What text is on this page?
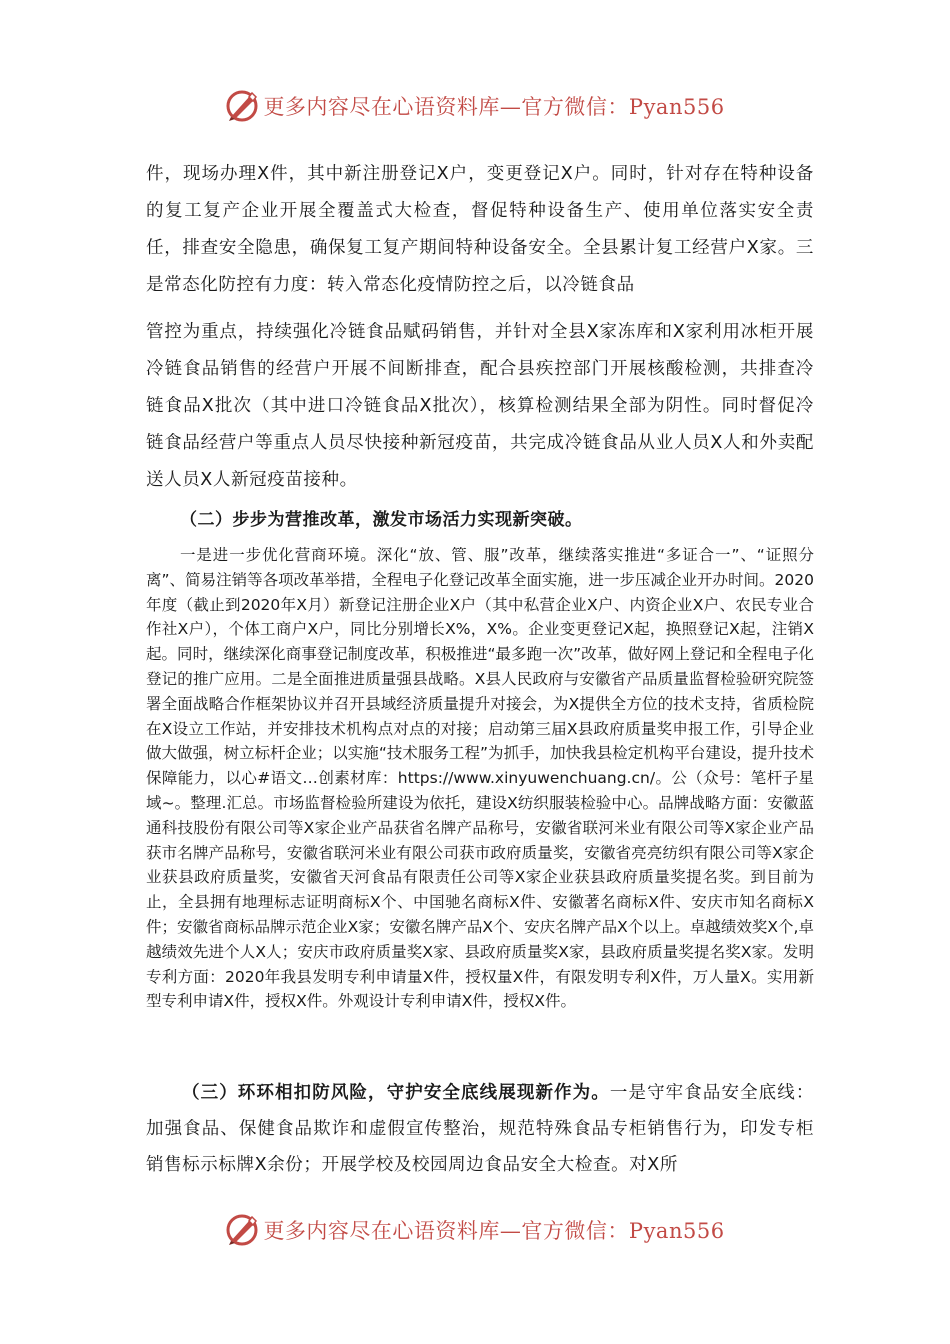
更多内容尽在心语资料库—官方微信：Pyan556

件，现场办理X件，其中新注册登记X户，变更登记X户。同时，针对存在特种设备的复工复产企业开展全覆盖式大检查，督促特种设备生产、使用单位落实安全责任，排查安全隐患，确保复工复产期间特种设备安全。全县累计复工经营户X家。三是常态化防控有力度：转入常态化疫情防控之后，以冷链食品
管控为重点，持续强化冷链食品赋码销售，并针对全县X家冻库和X家利用冰柜开展冷链食品销售的经营户开展不间断排查，配合县疾控部门开展核酸检测，共排查冷链食品X批次（其中进口冷链食品X批次），核算检测结果全部为阴性。同时督促冷链食品经营户等重点人员尽快接种新冠疫苗，共完成冷链食品从业人员X人和外卖配送人员X人新冠疫苗接种。

（二）步步为营推改革，激发市场活力实现新突破。

一是进一步优化营商环境。深化“放、管、服”改革，继续落实推进“多证合一”、“证照分离”、简易注销等各项改革举措，全程电子化登记改革全面实施，进一步压减企业开办时间。2020年度（截止到2020年X月）新登记注册企业X户（其中私营企业X户、内资企业X户、农民专业合作社X户），个体工商户X户，同比分别增长X%，X%。企业变更登记X起，换照登记X起，注销X起。同时，继续深化商事登记制度改革，积极推进“最多跑一次”改革，做好网上登记和全程电子化登记的推广应用。二是全面推进质量强县战略。X县人民政府与安徽省产品质量监督检验研究院签署全面战略合作框架协议并召开县域经济质量提升对接会，为X提供全方位的技术支持，省质检院在X设立工作站，并安排技术机构点对点的对接；启动第三届X县政府质量奖申报工作，引导企业做大做强，树立标杆企业；以实施“技术服务工程”为抓手，加快我县检定机构平台建设，提升技术保障能力，以心#语文…创素材库：https://www.xinyuwenchuang.cn/。公（众号：笔杆子星域~。整理.汇总。市场监督检验所建设为依托，建设X纺织服装检验中心。品牌战略方面：安徽蓝通科技股份有限公司等X家企业产品获省名牌产品称号，安徽省联河米业有限公司等X家企业产品获市名牌产品称号，安徽省联河米业有限公司获市政府质量奖，安徽省亮亮纺织有限公司等X家企业获县政府质量奖，安徽省天河食品有限责任公司等X家企业获县政府质量奖提名奖。到目前为止，全县拥有地理标志证明商标X个、中国驰名商标X件、安徽著名商标X件、安庆市知名商标X件；安徽省商标品牌示范企业X家；安徽名牌产品X个、安庆名牌产品X个以上。卓越绩效奖X个,卓越绩效先进个人X人；安庆市政府质量奖X家、县政府质量奖X家，县政府质量奖提名奖X家。发明专利方面：2020年我县发明专利申请量X件，授权量X件，有限发明专利X件，万人量X。实用新型专利申请X件，授权X件。外观设计专利申请X件，授权X件。

（三）环环相扣防风险，守护安全底线展现新作为。一是守牢食品安全底线：加强食品、保健食品欺诈和虚假宣传整治，规范特殊食品专柜销售行为，印发专柜销售标示标牌X余份；开展学校及校园周边食品安全大检查。对X所

更多内容尽在心语资料库—官方微信：Pyan556
